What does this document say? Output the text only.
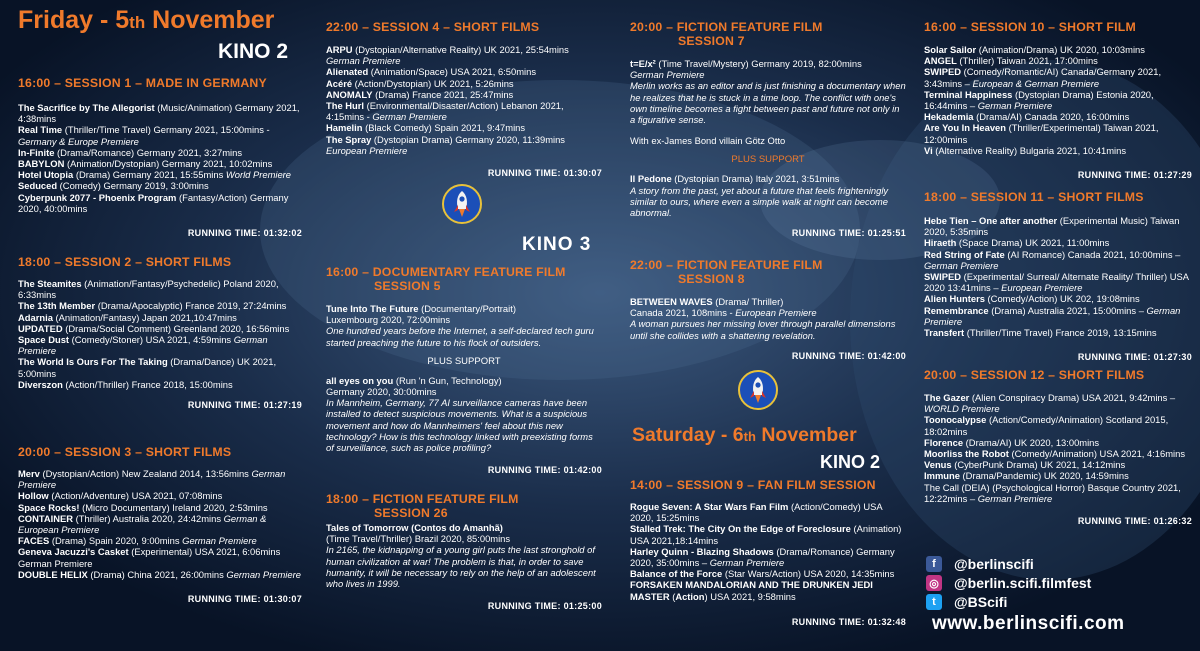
Friday - 5th November
KINO 2
16:00 – SESSION 1 – MADE IN GERMANY

The Sacrifice by The Allegorist (Music/Animation) Germany 2021, 4:38mins

Real Time (Thriller/Time Travel) Germany 2021, 15:00mins - Germany & Europe Premiere

In-Finite (Drama/Romance) Germany 2021, 3:27mins

BABYLON (Animation/Dystopian) Germany 2021, 10:02mins

Hotel Utopia (Drama) Germany 2021, 15:55mins World Premiere

Seduced (Comedy) Germany 2019, 3:00mins

Cyberpunk 2077 - Phoenix Program (Fantasy/Action) Germany 2020, 40:00mins

RUNNING TIME: 01:32:02
18:00 – SESSION 2 – SHORT FILMS

The Steamites (Animation/Fantasy/Psychedelic) Poland 2020, 6:33mins

The 13th Member (Drama/Apocalyptic) France 2019, 27:24mins

Adarnia (Animation/Fantasy) Japan 2021,10:47mins

UPDATED (Drama/Social Comment) Greenland 2020, 16:56mins

Space Dust (Comedy/Stoner) USA 2021, 4:59mins German Premiere

The World Is Ours For The Taking (Drama/Dance) UK 2021, 5:00mins

Diverszon (Action/Thriller) France 2018, 15:00mins

RUNNING TIME: 01:27:19
20:00 – SESSION 3 – SHORT FILMS

Merv (Dystopian/Action) New Zealand 2014, 13:56mins German Premiere

Hollow (Action/Adventure) USA 2021, 07:08mins

Space Rocks! (Micro Documentary) Ireland 2020, 2:53mins

CONTAINER (Thriller) Australia 2020, 24:42mins German & European Premiere

FACES (Drama) Spain 2020, 9:00mins German Premiere

Geneva Jacuzzi's Casket (Experimental) USA 2021, 6:06mins German Premiere

DOUBLE HELIX (Drama) China 2021, 26:00mins German Premiere

RUNNING TIME: 01:30:07
22:00 – SESSION 4 – SHORT FILMS

ARPU (Dystopian/Alternative Reality) UK 2021, 25:54mins German Premiere

Alienated (Animation/Space) USA 2021, 6:50mins

Acéré (Action/Dystopian) UK 2021, 5:26mins

ANOMALY (Drama) France 2021, 25:47mins

The Hurl (Environmental/Disaster/Action) Lebanon 2021, 4:15mins - German Premiere

Hamelin (Black Comedy) Spain 2021, 9:47mins

The Spray (Dystopian Drama) Germany 2020, 11:39mins European Premiere

RUNNING TIME: 01:30:07
KINO 3
16:00 – DOCUMENTARY FEATURE FILM
SESSION 5

Tune Into The Future (Documentary/Portrait)

Luxembourg 2020, 72:00mins

One hundred years before the Internet, a self-declared tech guru started preaching the future to his flock of outsiders.

PLUS SUPPORT

all eyes on you (Run 'n Gun, Technology)

Germany 2020, 30:00mins

In Mannheim, Germany, 77 AI surveillance cameras have been installed to detect suspicious movements. What is a suspicious movement and how do Mannheimers' feel about this new technology? How is this technology linked with preexisting forms of surveillance, such as police profiling?

RUNNING TIME: 01:42:00
18:00 – FICTION FEATURE FILM
SESSION 26

Tales of Tomorrow (Contos do Amanhã)

(Time Travel/Thriller) Brazil 2020, 85:00mins

In 2165, the kidnapping of a young girl puts the last stronghold of human civilization at war! The problem is that, in order to save humanity, it will be necessary to rely on the help of an adolescent who lives in 1999.

RUNNING TIME: 01:25:00
20:00 – FICTION FEATURE FILM
SESSION 7

t=E/x² (Time Travel/Mystery) Germany 2019, 82:00mins

German Premiere

Merlin works as an editor and is just finishing a documentary when he realizes that he is stuck in a time loop. The conflict with one's own timeline becomes a fight between past and future not only in a figurative sense.

With ex-James Bond villain Götz Otto

PLUS SUPPORT

Il Pedone (Dystopian Drama) Italy 2021, 3:51mins

A story from the past, yet about a future that feels frighteningly similar to ours, where even a simple walk at night can become abnormal.

RUNNING TIME: 01:25:51
22:00 – FICTION FEATURE FILM
SESSION 8

BETWEEN WAVES (Drama/ Thriller)

Canada 2021, 108mins - European Premiere

A woman pursues her missing lover through parallel dimensions until she collides with a shattering revelation.

RUNNING TIME: 01:42:00
Saturday - 6th November
KINO 2
14:00 – SESSION 9 – FAN FILM SESSION

Rogue Seven: A Star Wars Fan Film (Action/Comedy) USA 2020, 15:25mins

Stalled Trek: The City On the Edge of Foreclosure (Animation) USA 2021,18:14mins

Harley Quinn - Blazing Shadows (Drama/Romance) Germany 2020, 35:00mins – German Premiere

Balance of the Force (Star Wars/Action) USA 2020, 14:35mins

FORSAKEN MANDALORIAN AND THE DRUNKEN JEDI MASTER (Action) USA 2021, 9:58mins

RUNNING TIME: 01:32:48
16:00 – SESSION 10 – SHORT FILM

Solar Sailor (Animation/Drama) UK 2020, 10:03mins

ANGEL (Thriller) Taiwan 2021, 17:00mins

SWIPED (Comedy/Romantic/AI) Canada/Germany 2021, 3:43mins – European & German Premiere

Terminal Happiness (Dystopian Drama) Estonia 2020, 16:44mins – German Premiere

Hekademia (Drama/AI) Canada 2020, 16:00mins

Are You In Heaven (Thriller/Experimental) Taiwan 2021, 12:00mins

Vi (Alternative Reality) Bulgaria 2021, 10:41mins

RUNNING TIME: 01:27:29
18:00 – SESSION 11 – SHORT FILMS

Hebe Tien – One after another (Experimental Music) Taiwan 2020, 5:35mins

Hiraeth (Space Drama) UK 2021, 11:00mins

Red String of Fate (AI Romance) Canada 2021, 10:00mins – German Premiere

SWIPED (Experimental/ Surreal/ Alternate Reality/ Thriller) USA 2020 13:41mins – European Premiere

Alien Hunters (Comedy/Action) UK 202, 19:08mins

Remembrance (Drama) Australia 2021, 15:00mins – German Premiere

Transfert (Thriller/Time Travel) France 2019, 13:15mins

RUNNING TIME: 01:27:30
20:00 – SESSION 12 – SHORT FILMS

The Gazer (Alien Conspiracy Drama) USA 2021, 9:42mins – WORLD Premiere

Toonocalypse (Action/Comedy/Animation) Scotland 2015, 18:02mins

Florence (Drama/AI) UK 2020, 13:00mins

Moorliss the Robot (Comedy/Animation) USA 2021, 4:16mins

Venus (CyberPunk Drama) UK 2021, 14:12mins

Immune (Drama/Pandemic) UK 2020, 14:59mins

The Call (DEIA) (Psychological Horror) Basque Country 2021, 12:22mins – German Premiere

RUNNING TIME: 01:26:32
f	@berlinscifi
◎ @berlin.scifi.filmfest
t	@BScifi
www.berlinscifi.com
